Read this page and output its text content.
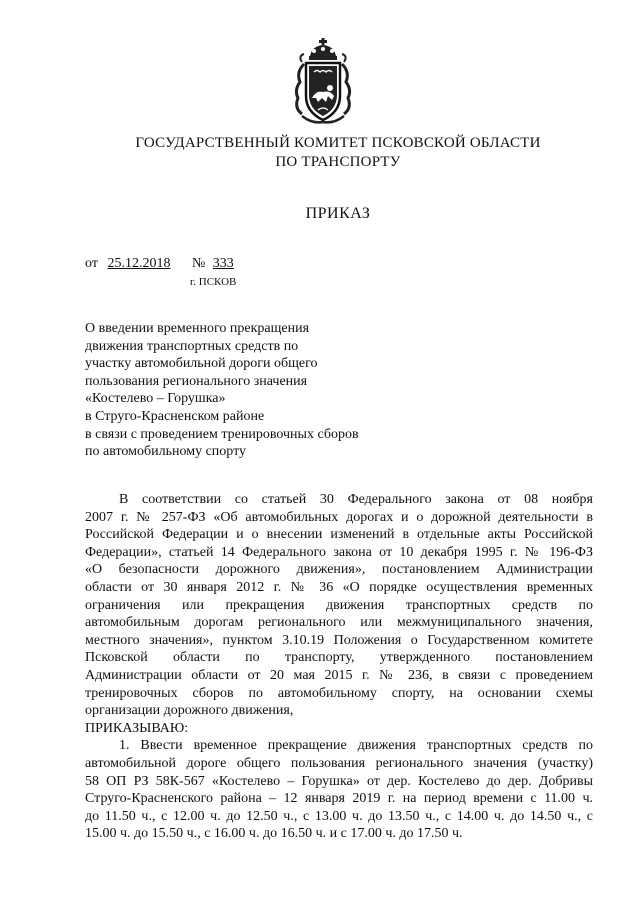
ГОСУДАРСТВЕННЫЙ КОМИТЕТ ПСКОВСКОЙ ОБЛАСТИ
ПО ТРАНСПОРТУ
ПРИКАЗ
от 25.12.2018 № 333
г. ПСКОВ
О введении временного прекращения
движения транспортных средств по
участку автомобильной дороги общего
пользования регионального значения
«Костелево – Горушка»
в Струго-Красненском районе
в связи с проведением тренировочных сборов
по автомобильному спорту
В соответствии со статьей 30 Федерального закона от 08 ноября
2007 г. № 257-ФЗ «Об автомобильных дорогах и о дорожной деятельности в
Российской Федерации и о внесении изменений в отдельные акты Российской
Федерации», статьей 14 Федерального закона от 10 декабря 1995 г. № 196-ФЗ
«О безопасности дорожного движения», постановлением Администрации
области от 30 января 2012 г. № 36 «О порядке осуществления временных
ограничения или прекращения движения транспортных средств по
автомобильным дорогам регионального или межмуниципального значения,
местного значения», пунктом 3.10.19 Положения о Государственном комитете
Псковской области по транспорту, утвержденного постановлением
Администрации области от 20 мая 2015 г. № 236, в связи с проведением
тренировочных сборов по автомобильному спорту, на основании схемы
организации дорожного движения,
ПРИКАЗЫВАЮ:
1. Ввести временное прекращение движения транспортных средств по
автомобильной дороге общего пользования регионального значения (участку)
58 ОП РЗ 58К-567 «Костелево – Горушка» от дер. Костелево до дер. Добривы
Струго-Красненского района – 12 января 2019 г. на период времени с 11.00 ч.
до 11.50 ч., с 12.00 ч. до 12.50 ч., с 13.00 ч. до 13.50 ч., с 14.00 ч. до 14.50 ч., с
15.00 ч. до 15.50 ч., с 16.00 ч. до 16.50 ч. и с 17.00 ч. до 17.50 ч.
